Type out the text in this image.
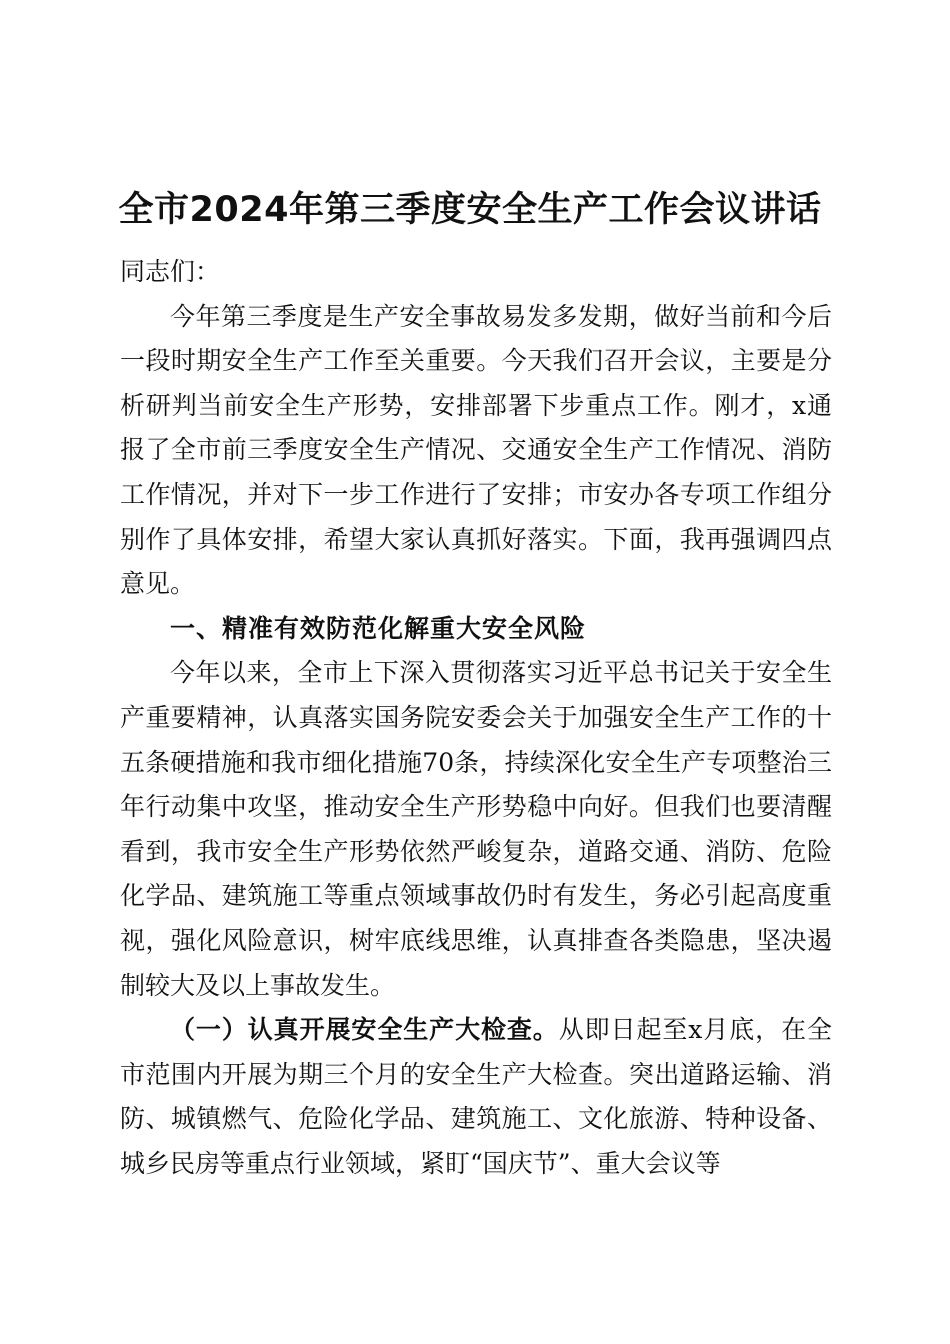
全市2024年第三季度安全生产工作会议讲话

同志们：

今年第三季度是生产安全事故易发多发期，做好当前和今后一段时期安全生产工作至关重要。今天我们召开会议，主要是分析研判当前安全生产形势，安排部署下步重点工作。刚才，x通报了全市前三季度安全生产情况、交通安全生产工作情况、消防工作情况，并对下一步工作进行了安排；市安办各专项工作组分别作了具体安排，希望大家认真抓好落实。下面，我再强调四点意见。

一、精准有效防范化解重大安全风险

今年以来，全市上下深入贯彻落实习近平总书记关于安全生产重要精神，认真落实国务院安委会关于加强安全生产工作的十五条硬措施和我市细化措施70条，持续深化安全生产专项整治三年行动集中攻坚，推动安全生产形势稳中向好。但我们也要清醒看到，我市安全生产形势依然严峻复杂，道路交通、消防、危险化学品、建筑施工等重点领域事故仍时有发生，务必引起高度重视，强化风险意识，树牢底线思维，认真排查各类隐患，坚决遏制较大及以上事故发生。

（一）认真开展安全生产大检查。从即日起至x月底，在全市范围内开展为期三个月的安全生产大检查。突出道路运输、消防、城镇燃气、危险化学品、建筑施工、文化旅游、特种设备、城乡民房等重点行业领域，紧盯“国庆节”、重大会议等
